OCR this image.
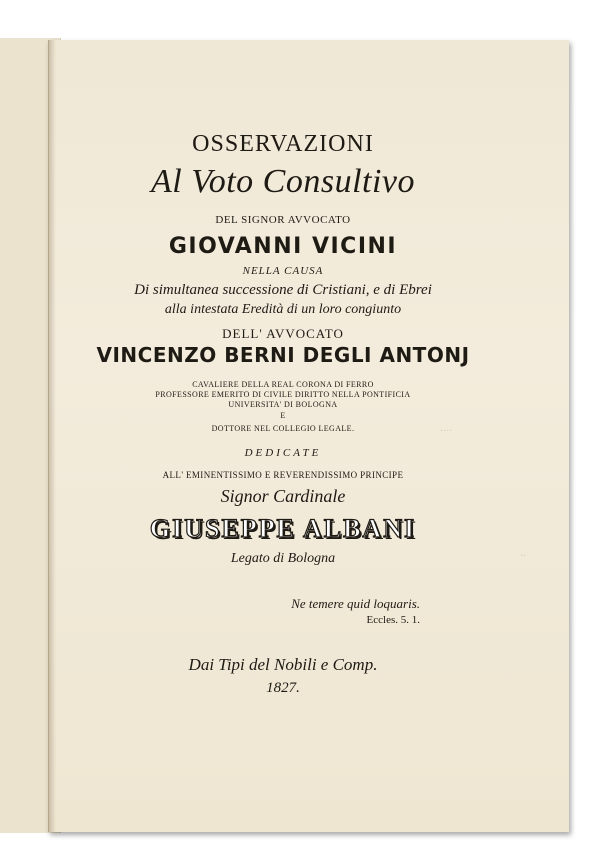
....

..

OSSERVAZIONI

Al Voto Consultivo

DEL SIGNOR AVVOCATO

GIOVANNI VICINI

NELLA CAUSA

Di simultanea successione di Cristiani, e di Ebrei

alla intestata Eredità di un loro congiunto

DELL' AVVOCATO

VINCENZO BERNI DEGLI ANTONJ

CAVALIERE DELLA REAL CORONA DI FERRO

PROFESSORE EMERITO DI CIVILE DIRITTO NELLA PONTIFICIA

UNIVERSITA' DI BOLOGNA

E

DOTTORE NEL COLLEGIO LEGALE.

DEDICATE

ALL' EMINENTISSIMO E REVERENDISSIMO PRINCIPE

Signor Cardinale

GIUSEPPE ALBANI

Legato di Bologna

Ne temere quid loquaris.

Eccles. 5. 1.

Dai Tipi del Nobili e Comp.

1827.
